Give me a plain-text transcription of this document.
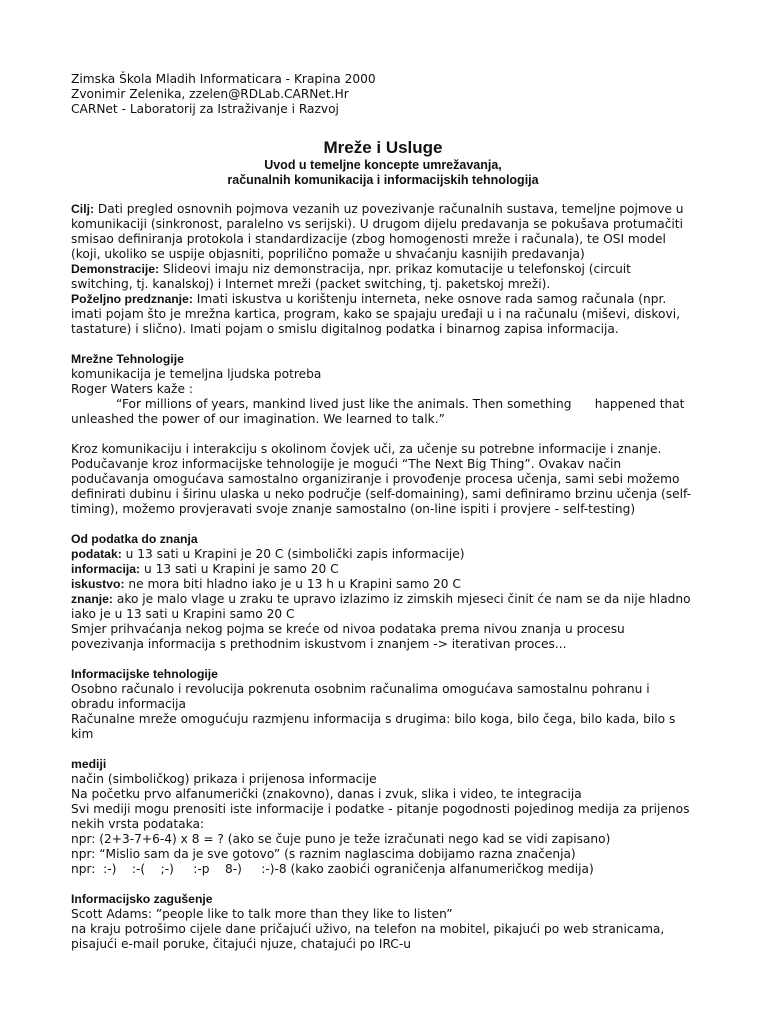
Zimska Škola Mladih Informaticara - Krapina 2000
Zvonimir Zelenika, zzelen@RDLab.CARNet.Hr
CARNet - Laboratorij za Istraživanje i Razvoj
Mreže i Usluge
Uvod u temeljne koncepte umrežavanja,
računalnih komunikacija i informacijskih tehnologija

Cilj: Dati pregled osnovnih pojmova vezanih uz povezivanje računalnih sustava, temeljne pojmove u komunikaciji (sinkronost, paralelno vs serijski). U drugom dijelu predavanja se pokušava protumačiti smisao definiranja protokola i standardizacije (zbog homogenosti mreže i računala), te OSI model (koji, ukoliko se uspije objasniti, popriličnо pomaže u shvaćanju kasnijih predavanja)

Demonstracije: Slideovi imaju niz demonstracija, npr. prikaz komutacije u telefonskoj (circuit switching, tj. kanalskoj) i Internet mreži (packet switching, tj. paketskoj mreži).

Poželjno predznanje: Imati iskustva u korištenju interneta, neke osnove rada samog računala (npr. imati pojam što je mrežna kartica, program, kako se spajaju uređaji u i na računalu (miševi, diskovi, tastature) i slično). Imati pojam o smislu digitalnog podatka i binarnog zapisa informacija.

Mrežne Tehnologije

komunikacija je temeljna ljudska potreba

Roger Waters kaže :

“For millions of years, mankind lived just like the animals. Then something      happened that

unleashed the power of our imagination. We learned to talk.”

Kroz komunikaciju i interakciju s okolinom čovjek uči, za učenje su potrebne informacije i znanje. Podučavanje kroz informacijske tehnologije je mogući “The Next Big Thing”. Ovakav način podučavanja omogućava samostalno organiziranje i provođenje procesa učenja, sami sebi možemo definirati dubinu i širinu ulaska u neko područje (self-domaining), sami definiramo brzinu učenja (self-timing), možemo provjeravati svoje znanje samostalno (on-line ispiti i provjere - self-testing)

Od podatka do znanja

podatak: u 13 sati u Krapini je 20 C (simbolički zapis informacije)

informacija: u 13 sati u Krapini je samo 20 C

iskustvo: ne mora biti hladno iako je u 13 h u Krapini samo 20 C

znanje: ako je malo vlage u zraku te upravo izlazimo iz zimskih mjeseci činit će nam se da nije hladno iako je u 13 sati u Krapini samo 20 C

Smjer prihvaćanja nekog pojma se kreće od nivoa podataka prema nivou znanja u procesu povezivanja informacija s prethodnim iskustvom i znanjem -> iterativan proces...

Informacijske tehnologije

Osobno računalo i revolucija pokrenuta osobnim računalima omogućava samostalnu pohranu i obradu informacija

Računalne mreže omogućuju razmjenu informacija s drugima: bilo koga, bilo čega, bilo kada, bilo s kim

mediji

način (simboličkog) prikaza i prijenosa informacije

Na početku prvo alfanumerički (znakovno), danas i zvuk, slika i video, te integracija

Svi mediji mogu prenositi iste informacije i podatke - pitanje pogodnosti pojedinog medija za prijenos nekih vrsta podataka:

npr: (2+3-7+6-4) x 8 = ? (ako se čuje puno je teže izračunati nego kad se vidi zapisano)

npr: “Mislio sam da je sve gotovo” (s raznim naglascima dobijamo razna značenja)

npr:  :-)    :-(    ;-)     :-p    8-)     :-)-8 (kako zaobići ograničenja alfanumeričkog medija)

Informacijsko zagušenje

Scott Adams: ”people like to talk more than they like to listen”

na kraju potrošimo cijele dane pričajući uživo, na telefon na mobitel, pikajući po web stranicama, pisajući e-mail poruke, čitajući njuze, chatajući po IRC-u
